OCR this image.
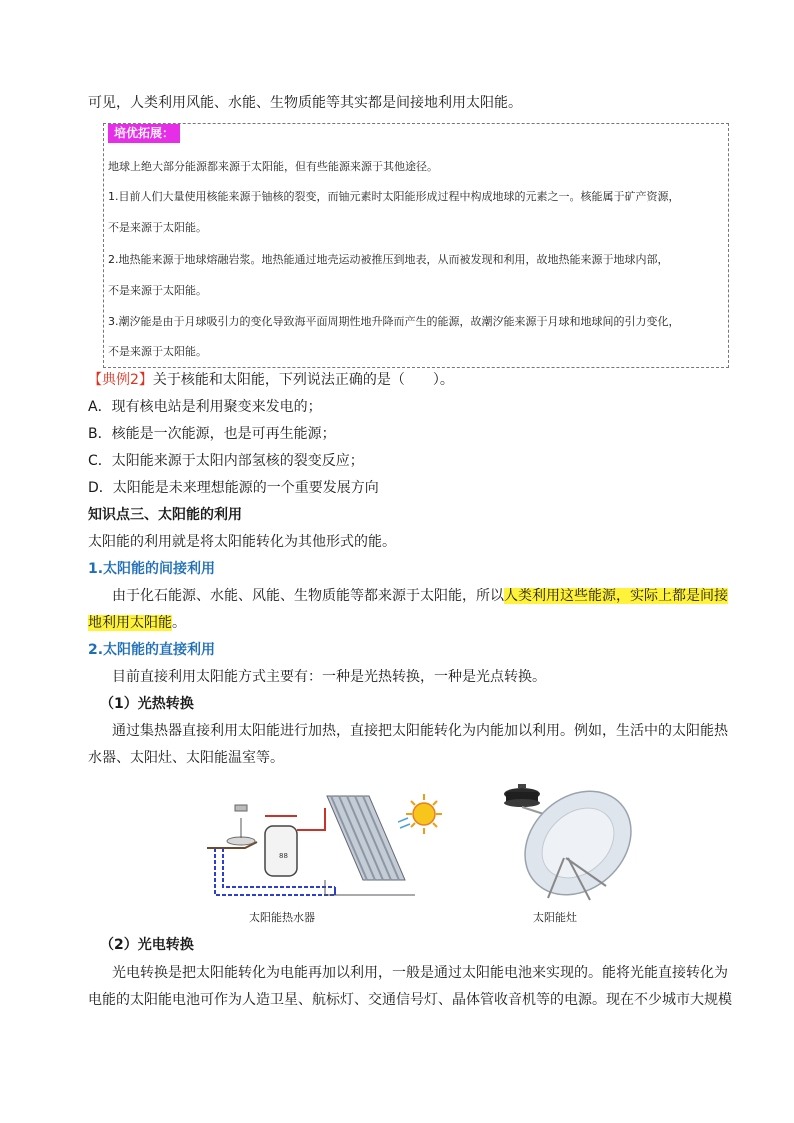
可见，人类利用风能、水能、生物质能等其实都是间接地利用太阳能。
培优拓展：
地球上绝大部分能源都来源于太阳能，但有些能源来源于其他途径。
1.目前人们大量使用核能来源于铀核的裂变，而铀元素时太阳能形成过程中构成地球的元素之一。核能属于矿产资源，
不是来源于太阳能。
2.地热能来源于地球熔融岩浆。地热能通过地壳运动被推压到地表，从而被发现和利用，故地热能来源于地球内部，
不是来源于太阳能。
3.潮汐能是由于月球吸引力的变化导致海平面周期性地升降而产生的能源，故潮汐能来源于月球和地球间的引力变化，
不是来源于太阳能。
【典例2】关于核能和太阳能，下列说法正确的是（　　）。
A．现有核电站是利用聚变来发电的；
B．核能是一次能源，也是可再生能源；
C．太阳能来源于太阳内部氢核的裂变反应；
D．太阳能是未来理想能源的一个重要发展方向
知识点三、太阳能的利用
太阳能的利用就是将太阳能转化为其他形式的能。
1.太阳能的间接利用
由于化石能源、水能、风能、生物质能等都来源于太阳能，所以人类利用这些能源，实际上都是间接
地利用太阳能。
2.太阳能的直接利用
目前直接利用太阳能方式主要有：一种是光热转换，一种是光点转换。
（1）光热转换
通过集热器直接利用太阳能进行加热，直接把太阳能转化为内能加以利用。例如，生活中的太阳能热
水器、太阳灶、太阳能温室等。
88
太阳能热水器	太阳能灶
（2）光电转换
光电转换是把太阳能转化为电能再加以利用，一般是通过太阳能电池来实现的。能将光能直接转化为
电能的太阳能电池可作为人造卫星、航标灯、交通信号灯、晶体管收音机等的电源。现在不少城市大规模
